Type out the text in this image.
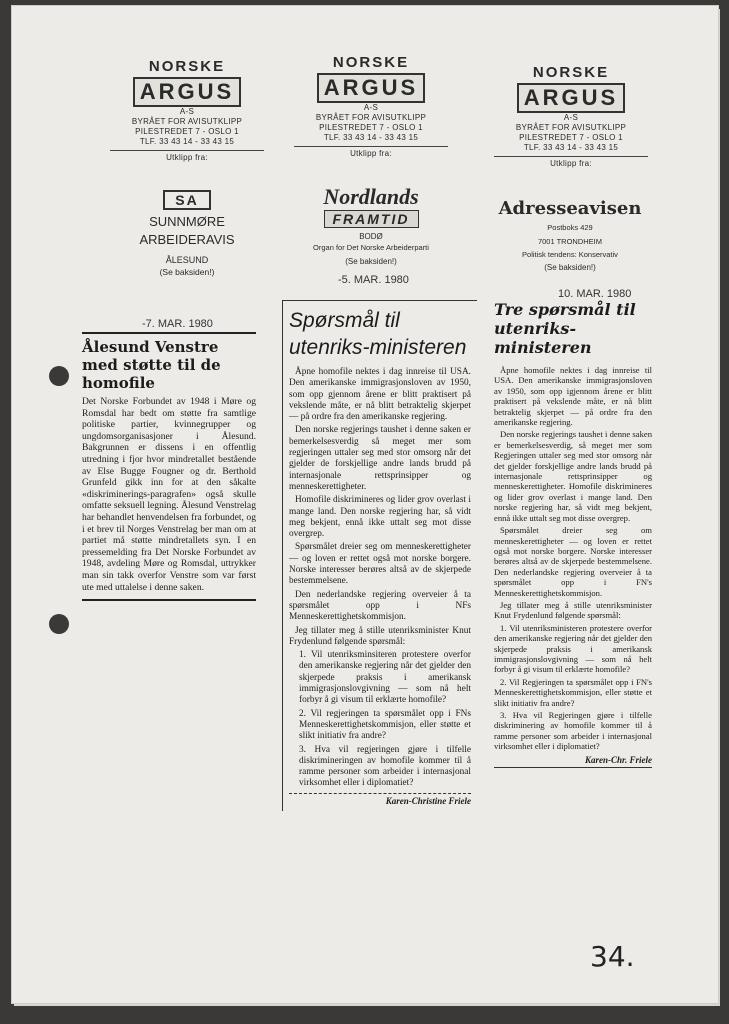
NORSKE
ARGUS
A-S
BYRÅET FOR AVISUTKLIPP
PILESTREDET 7 - OSLO 1
TLF. 33 43 14 - 33 43 15
Utklipp fra:
NORSKE
ARGUS
A-S
BYRÅET FOR AVISUTKLIPP
PILESTREDET 7 - OSLO 1
TLF. 33 43 14 - 33 43 15
Utklipp fra:
NORSKE
ARGUS
A-S
BYRÅET FOR AVISUTKLIPP
PILESTREDET 7 - OSLO 1
TLF. 33 43 14 - 33 43 15
Utklipp fra:
SA
SUNNMØRE
ARBEIDERAVIS
ÅLESUND
(Se baksiden!)
-7. MAR. 1980
Nordlands
FRAMTID
BODØ
Organ for Det Norske Arbeiderparti
(Se baksiden!)
-5. MAR. 1980
Adresseavisen
Postboks 429
7001 TRONDHEIM
Politisk tendens: Konservativ
(Se baksiden!)
10. MAR. 1980
Ålesund Venstre med støtte til de homofile
Det Norske Forbundet av 1948 i Møre og Romsdal har bedt om støtte fra samtlige politiske partier, kvinnegrupper og ungdomsorganisasjoner i Ålesund. Bakgrunnen er dissens i en offentlig utredning i fjor hvor mindretallet bestående av Else Bugge Fougner og dr. Berthold Grunfeld gikk inn for at den såkalte «diskriminerings-paragrafen» også skulle omfatte seksuell legning. Ålesund Venstrelag har behandlet henvendelsen fra forbundet, og i et brev til Norges Venstrelag ber man om at partiet må støtte mindretallets syn. I en pressemelding fra Det Norske Forbundet av 1948, avdeling Møre og Romsdal, uttrykker man sin takk overfor Venstre som var først ute med uttalelse i denne saken.
Spørsmål til utenriks-ministeren

Åpne homofile nektes i dag innreise til USA. Den amerikanske immigrasjonsloven av 1950, som opp gjennom årene er blitt praktisert på vekslende måte, er nå blitt betraktelig skjerpet — på ordre fra den amerikanske regjering.

Den norske regjerings taushet i denne saken er bemerkelsesverdig så meget mer som regjeringen uttaler seg med stor omsorg når det gjelder de forskjellige andre lands brudd på internasjonale rettsprinsipper og menneskerettigheter.

Homofile diskrimineres og lider grov overlast i mange land. Den norske regjering har, så vidt meg bekjent, ennå ikke uttalt seg mot disse overgrep.

Spørsmålet dreier seg om menneskerettigheter — og loven er rettet også mot norske borgere. Norske interesser berøres altså av de skjerpede bestemmelsene.

Den nederlandske regjering overveier å ta spørsmålet opp i NFs Menneskerettighetskommisjon.

Jeg tillater meg å stille utenriksminister Knut Frydenlund følgende spørsmål:

1. Vil utenriksminsiteren protestere overfor den amerikanske regjering når det gjelder den skjerpede praksis i amerikansk immigrasjonslovgivning — som nå helt forbyr å gi visum til erklærte homofile?

2. Vil regjeringen ta spørsmålet opp i FNs Menneskerettighetskommisjon, eller støtte et slikt initiativ fra andre?

3. Hva vil regjeringen gjøre i tilfelle diskrimineringen av homofile kommer til å ramme personer som arbeider i internasjonal virksomhet eller i diplomatiet?

Karen-Christine Friele
Tre spørsmål til utenriks-ministeren

Åpne homofile nektes i dag innreise til USA. Den amerikanske immigrasjonsloven av 1950, som opp igjennom årene er blitt praktisert på vekslende måte, er nå blitt betraktelig skjerpet — på ordre fra den amerikanske regjering.

Den norske regjerings taushet i denne saken er bemerkelsesverdig, så meget mer som Regjeringen uttaler seg med stor omsorg når det gjelder forskjellige andre lands brudd på internasjonale rettsprinsipper og menneskerettigheter. Homofile diskrimineres og lider grov overlast i mange land. Den norske regjering har, så vidt meg bekjent, ennå ikke uttalt seg mot disse overgrep.

Spørsmålet dreier seg om menneskerettigheter — og loven er rettet også mot norske borgere. Norske interesser berøres altså av de skjerpede bestemmelsene. Den nederlandske regjering overveier å ta spørsmålet opp i FN's Menneskerettighetskommisjon.

Jeg tillater meg å stille utenriksminister Knut Frydenlund følgende spørsmål:

1. Vil utenriksministeren protestere overfor den amerikanske regjering når det gjelder den skjerpede praksis i amerikansk immigrasjonslovgivning — som nå helt forbyr å gi visum til erklærte homofile?

2. Vil Regjeringen ta spørsmålet opp i FN's Menneskerettighetskommisjon, eller støtte et slikt initiativ fra andre?

3. Hva vil Regjeringen gjøre i tilfelle diskriminering av homofile kommer til å ramme personer som arbeider i internasjonal virksomhet eller i diplomatiet?

Karen-Chr. Friele
34.
